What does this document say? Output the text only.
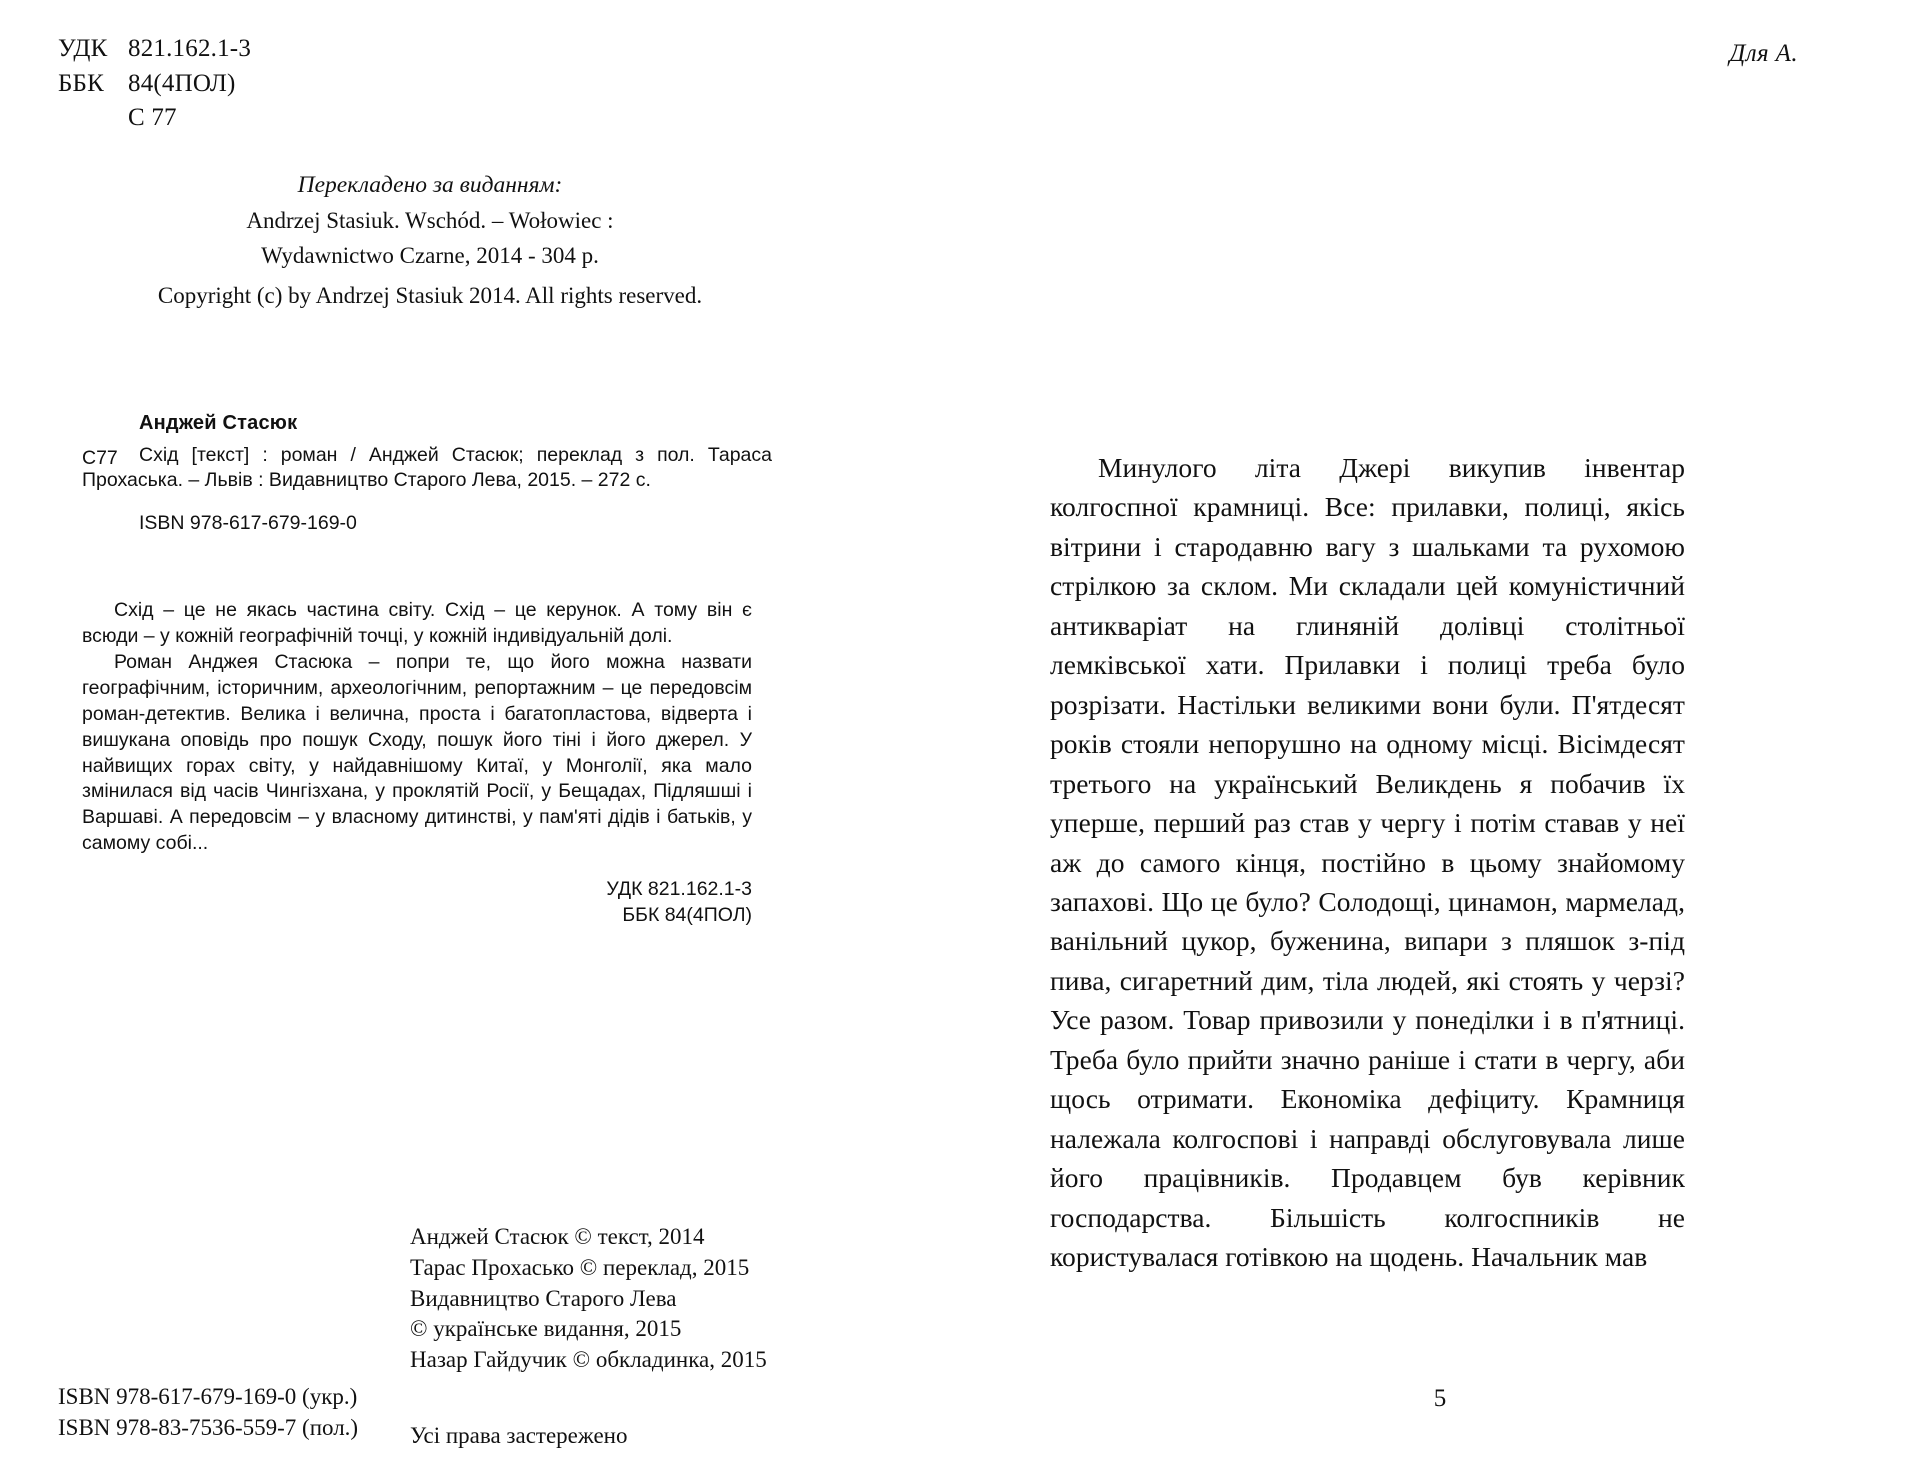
УДК 821.162.1-3
ББК 84(4ПОЛ)
С 77
Перекладено за виданням:
Andrzej Stasiuk. Wschód. – Wołowiec :
Wydawnictwo Czarne, 2014 - 304 p.
Copyright (c) by Andrzej Stasiuk 2014. All rights reserved.
С77
Анджей Стасюк
Схід [текст] : роман / Анджей Стасюк; переклад з пол. Тараса Прохаська. – Львів : Видавництво Старого Лева, 2015. – 272 с.
ISBN 978-617-679-169-0

Схід – це не якась частина світу. Схід – це керунок. А тому він є всюди – у кожній географічній точці, у кожній індивідуальній долі.

Роман Анджея Стасюка – попри те, що його можна назвати географічним, історичним, археологічним, репортажним – це передовсім роман-детектив. Велика і велична, проста і багатопластова, відверта і вишукана оповідь про пошук Сходу, пошук його тіні і його джерел. У найвищих горах світу, у найдавнішому Китаї, у Монголії, яка мало змінилася від часів Чингізхана, у проклятій Росії, у Бещадах, Підляшші і Варшаві. А передовсім – у власному дитинстві, у пам'яті дідів і батьків, у самому собі...

УДК 821.162.1-3

ББК 84(4ПОЛ)

Анджей Стасюк © текст, 2014
Тарас Прохасько © переклад, 2015
Видавництво Старого Лева
© українське видання, 2015
Назар Гайдучик © обкладинка, 2015
ISBN 978-617-679-169-0 (укр.)
ISBN 978-83-7536-559-7 (пол.) Усі права застережено
Для А.

Минулого літа Джері викупив інвентар колгоспної крамниці. Все: прилавки, полиці, якісь вітрини і стародавню вагу з шальками та рухомою стрілкою за склом. Ми складали цей комуністичний антикваріат на глиняній долівці столітньої лемківської хати. Прилавки і полиці треба було розрізати. Настільки великими вони були. П'ятдесят років стояли непорушно на одному місці. Вісімдесят третього на український Великдень я побачив їх уперше, перший раз став у чергу і потім ставав у неї аж до самого кінця, постійно в цьому знайомому запахові. Що це було? Солодощі, цинамон, мармелад, ванільний цукор, буженина, випари з пляшок з-під пива, сигаретний дим, тіла людей, які стоять у черзі? Усе разом. Товар привозили у понеділки і в п'ятниці. Треба було прийти значно раніше і стати в чергу, аби щось отримати. Економіка дефіциту. Крамниця належала колгоспові і направді обслуговувала лише його працівників. Продавцем був керівник господарства. Більшість колгоспників не користувалася готівкою на щодень. Начальник мав

5
